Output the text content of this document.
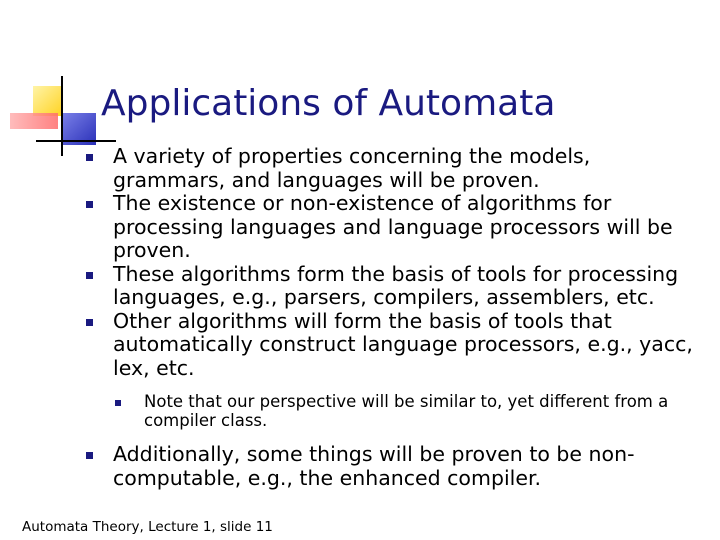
Applications of Automata
A variety of properties concerning the models, grammars, and languages will be proven.
The existence or non-existence of algorithms for processing languages and language processors will be proven.
These algorithms form the basis of tools for processing languages, e.g., parsers, compilers, assemblers, etc.
Other algorithms will form the basis of tools that automatically construct language processors, e.g., yacc, lex, etc.
Note that our perspective will be similar to, yet different from a compiler class.
Additionally, some things will be proven to be non-computable, e.g., the enhanced compiler.
Automata Theory, Lecture 1, slide 11
